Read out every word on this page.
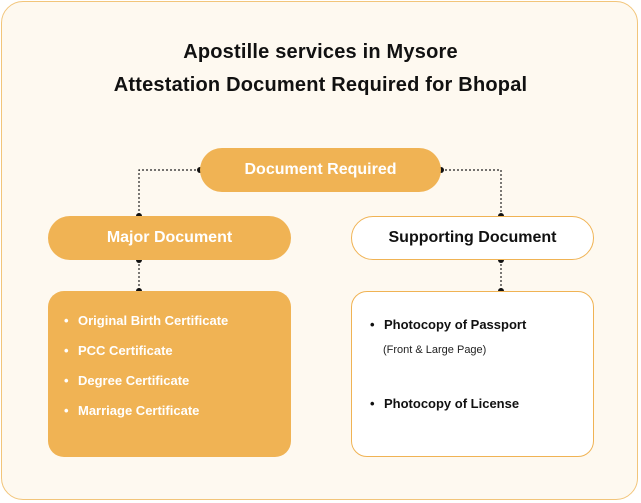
Apostille services in Mysore
Attestation Document Required for Bhopal
Document Required
Major Document	Supporting Document
• Original Birth Certificate
• PCC Certificate
• Degree Certificate
• Marriage Certificate
• Photocopy of Passport
• Photocopy of License
(Front & Large Page)
